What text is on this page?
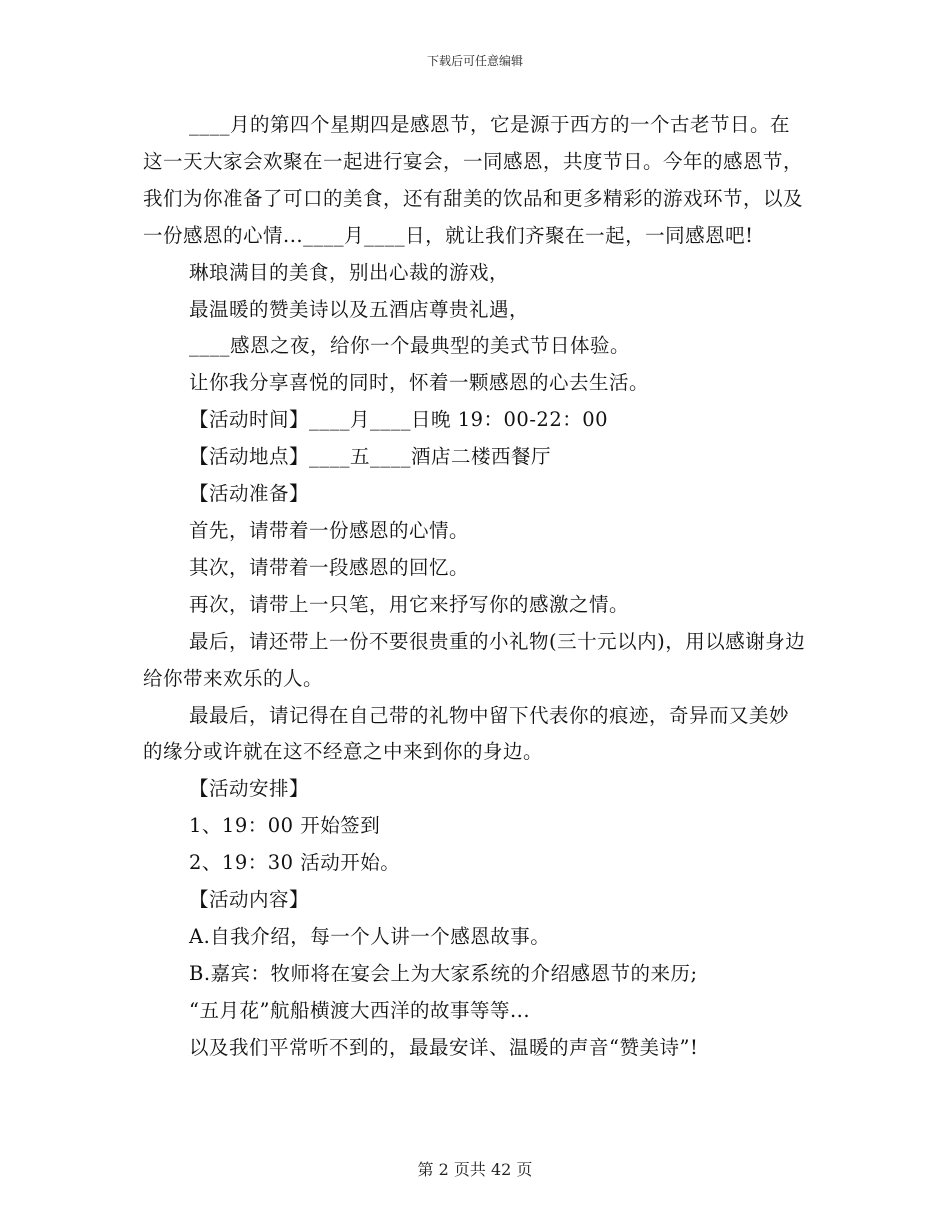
下载后可任意编辑

____月的第四个星期四是感恩节，它是源于西方的一个古老节日。在这一天大家会欢聚在一起进行宴会，一同感恩，共度节日。今年的感恩节，我们为你准备了可口的美食，还有甜美的饮品和更多精彩的游戏环节，以及一份感恩的心情...____月____日，就让我们齐聚在一起，一同感恩吧!

琳琅满目的美食，别出心裁的游戏，

最温暖的赞美诗以及五酒店尊贵礼遇，

____感恩之夜，给你一个最典型的美式节日体验。

让你我分享喜悦的同时，怀着一颗感恩的心去生活。

【活动时间】____月____日晚 19：00-22：00

【活动地点】____五____酒店二楼西餐厅

【活动准备】

首先，请带着一份感恩的心情。

其次，请带着一段感恩的回忆。

再次，请带上一只笔，用它来抒写你的感激之情。

最后，请还带上一份不要很贵重的小礼物(三十元以内)，用以感谢身边给你带来欢乐的人。

最最后，请记得在自己带的礼物中留下代表你的痕迹，奇异而又美妙的缘分或许就在这不经意之中来到你的身边。

【活动安排】

1、19：00 开始签到

2、19：30 活动开始。

【活动内容】

A.自我介绍，每一个人讲一个感恩故事。

B.嘉宾：牧师将在宴会上为大家系统的介绍感恩节的来历;

“五月花”航船横渡大西洋的故事等等...

以及我们平常听不到的，最最安详、温暖的声音“赞美诗”!

第 2 页共 42 页
